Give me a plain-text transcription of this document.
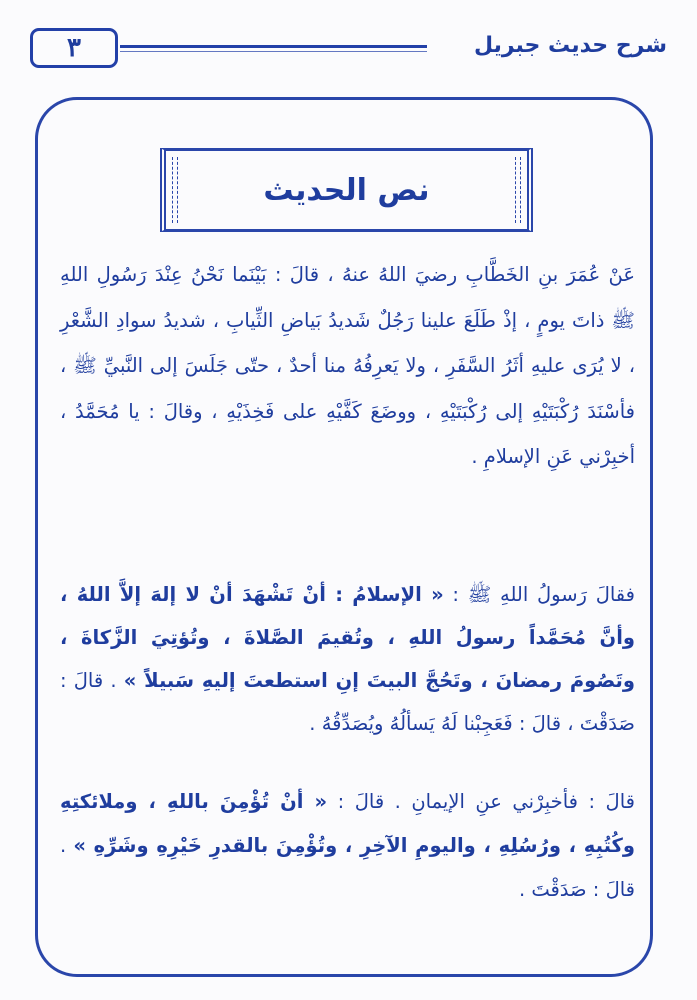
٣	شرح حديث جبريل
نص الحديث

عَنْ عُمَرَ بنِ الخَطَّابِ رضيَ اللهُ عنهُ ، قالَ : بَيْنَما نَحْنُ عِنْدَ رَسُولِ اللهِ ﷺ ذاتَ يومٍ ، إذْ طَلَعَ علينا رَجُلٌ شَديدُ بَياضِ الثِّيابِ ، شديدُ سوادِ الشَّعْرِ ، لا يُرَى عليهِ أثَرُ السَّفَرِ ، ولا يَعرِفُهُ منا أحدٌ ، حتّى جَلَسَ إلى النَّبيِّ ﷺ ، فأسْنَدَ رُكْبَتَيْهِ إلى رُكْبَتَيْهِ ، ووضَعَ كَفَّيْهِ على فَخِذَيْهِ ، وقالَ : يا مُحَمَّدُ ، أخبِرْني عَنِ الإسلامِ .

فقالَ رَسولُ اللهِ ﷺ : « الإسلامُ : أنْ تَشْهَدَ أنْ لا إلهَ إلاَّ اللهُ ، وأنَّ مُحَمَّداً رسولُ اللهِ ، وتُقيمَ الصَّلاةَ ، وتُؤتِيَ الزَّكاةَ ، وتَصُومَ رمضانَ ، وتَحُجَّ البيتَ إنِ استطعتَ إليهِ سَبيلاً » . قالَ : صَدَقْتَ ، قالَ : فَعَجِبْنا لَهُ يَسألُهُ ويُصَدِّقُهُ .

قالَ : فأخبِرْني عنِ الإيمانِ . قالَ : « أنْ تُؤْمِنَ باللهِ ، وملائكتِهِ وكُتُبِهِ ، ورُسُلِهِ ، واليومِ الآخِرِ ، وتُؤْمِنَ بالقدرِ خَيْرِهِ وشَرِّهِ » . قالَ : صَدَقْتَ .
